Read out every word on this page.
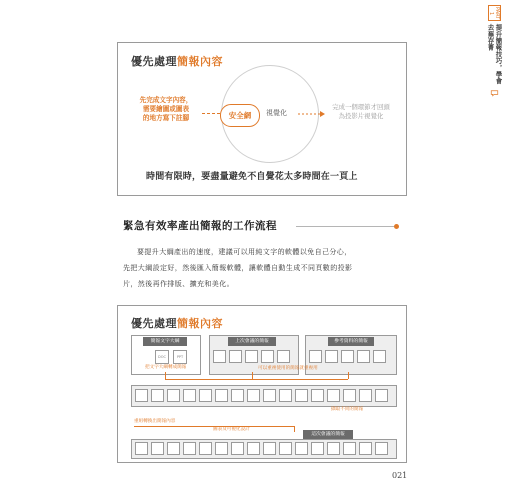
PART 1
提升簡報技巧，學會去蕪存菁
優先處理簡報內容
先完成文字內容，
需要繪圖或圖表
的地方寫下註腳	安全網	視覺化
完成一個環節才回頭
為投影片視覺化
時間有限時，要盡量避免不自覺花太多時間在一頁上
緊急有效率產出簡報的工作流程

要提升大綱產出的速度，建議可以用純文字的軟體以免自己分心，

先把大綱設定好，然後匯入簡報軟體，讓軟體自動生成不同頁數的投影

片，然後再作排版、擴充和美化。

優先處理簡報內容
簡報文字大綱
DOC	PPT
把文字大綱轉成簡報
上次會議的簡報	參考資料的簡報
可以重複使用的簡報就重複用
擷取不同的簡報
重組轉換出簡報內容
圖表及可視化設計
這次會議的簡報
021
